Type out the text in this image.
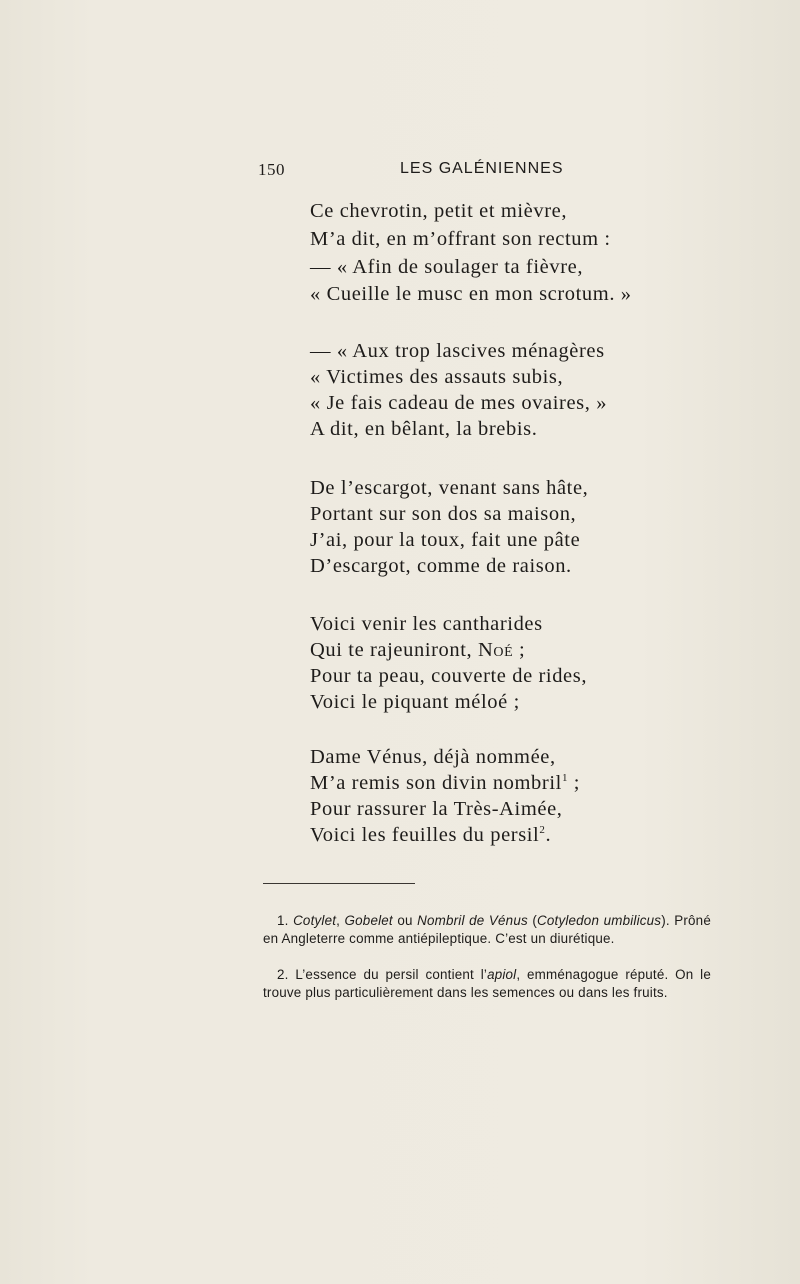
150	LES GALÉNIENNES
Ce chevrotin, petit et mièvre,
M’a dit, en m’offrant son rectum :
— « Afin de soulager ta fièvre,
« Cueille le musc en mon scrotum. »
— « Aux trop lascives ménagères
« Victimes des assauts subis,
« Je fais cadeau de mes ovaires, »
A dit, en bêlant, la brebis.
De l’escargot, venant sans hâte,
Portant sur son dos sa maison,
J’ai, pour la toux, fait une pâte
D’escargot, comme de raison.
Voici venir les cantharides
Qui te rajeuniront, Noé ;
Pour ta peau, couverte de rides,
Voici le piquant méloé ;
Dame Vénus, déjà nommée,
M’a remis son divin nombril$^1$ ;
Pour rassurer la Très-Aimée,
Voici les feuilles du persil$^2$.
1. Cotylet, Gobelet ou Nombril de Vénus (Cotyledon umbilicus). Prôné en Angleterre comme antiépileptique. C’est un diurétique.
2. L’essence du persil contient l’apiol, emménagogue réputé. On le trouve plus particulièrement dans les semences ou dans les fruits.
